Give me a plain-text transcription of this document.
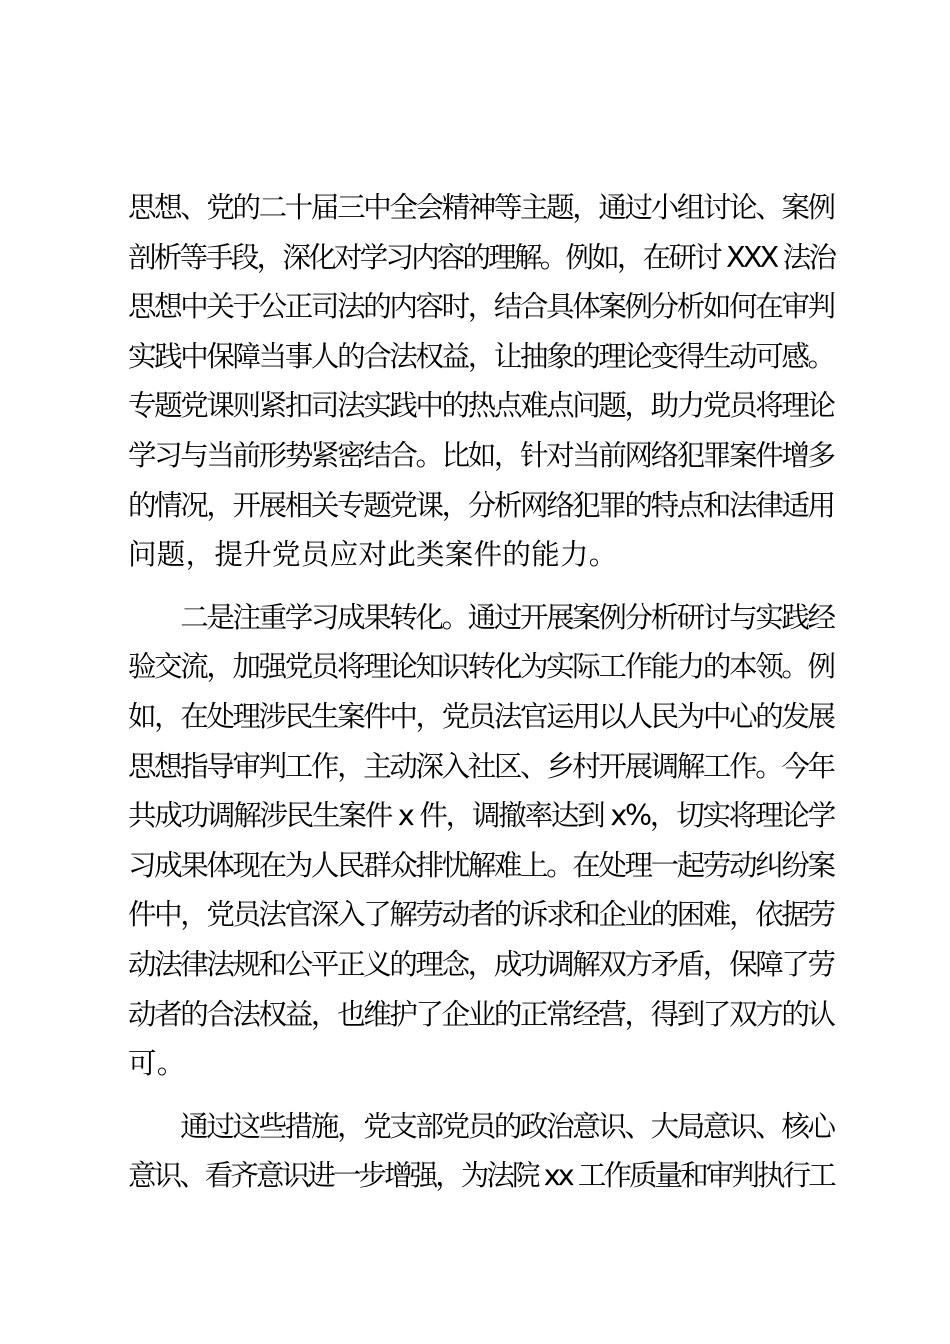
思想、党的二十届三中全会精神等主题，通过小组讨论、案例
剖析等手段，深化对学习内容的理解。例如，在研讨 XXX 法治
思想中关于公正司法的内容时，结合具体案例分析如何在审判
实践中保障当事人的合法权益，让抽象的理论变得生动可感。
专题党课则紧扣司法实践中的热点难点问题，助力党员将理论
学习与当前形势紧密结合。比如，针对当前网络犯罪案件增多
的情况，开展相关专题党课，分析网络犯罪的特点和法律适用
问题，提升党员应对此类案件的能力。
　　二是注重学习成果转化。通过开展案例分析研讨与实践经
验交流，加强党员将理论知识转化为实际工作能力的本领。例
如，在处理涉民生案件中，党员法官运用以人民为中心的发展
思想指导审判工作，主动深入社区、乡村开展调解工作。今年
共成功调解涉民生案件 x 件，调撤率达到 x%，切实将理论学
习成果体现在为人民群众排忧解难上。在处理一起劳动纠纷案
件中，党员法官深入了解劳动者的诉求和企业的困难，依据劳
动法律法规和公平正义的理念，成功调解双方矛盾，保障了劳
动者的合法权益，也维护了企业的正常经营，得到了双方的认
可。
　　通过这些措施，党支部党员的政治意识、大局意识、核心
意识、看齐意识进一步增强，为法院 xx 工作质量和审判执行工
